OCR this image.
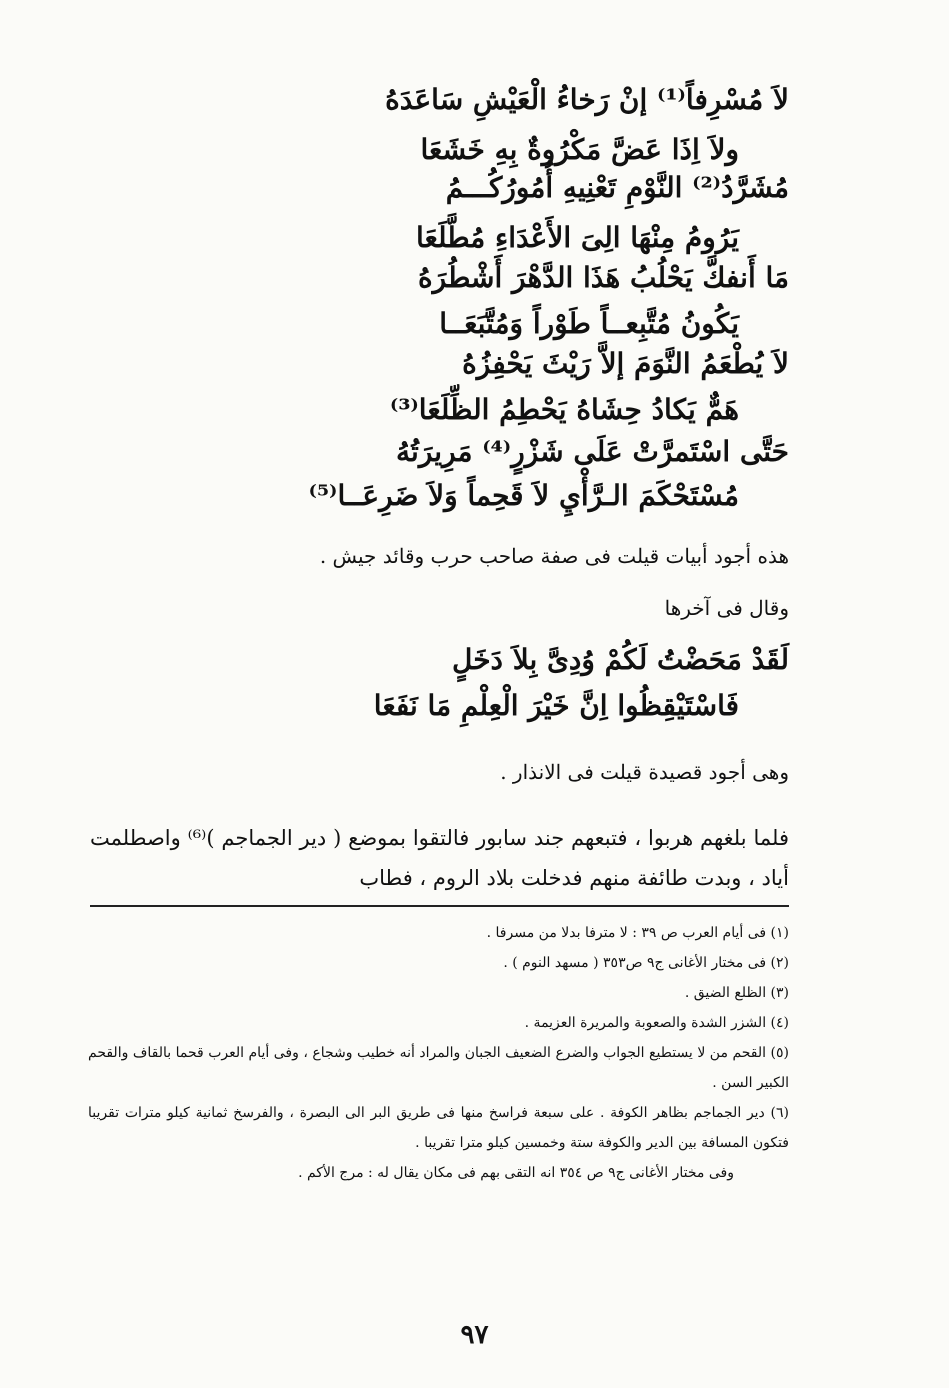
لاَ مُسْرِفاً⁽¹⁾ إنْ رَخاءُ الْعَيْشِ سَاعَدَهُ
ولاَ اِذَا عَضَّ مَكْرُوةٌ بِهِ خَشَعَا
مُشَرَّدُ⁽²⁾ النَّوْمِ تَعْنِيهِ أُمُورُكُـــمُ
يَرُومُ مِنْهَا الِىَ الأَعْدَاءِ مُطَّلَعَا
مَا أَنفكَّ يَحْلُبُ هَذَا الدَّهْرَ أَشْطُرَهُ
يَكُونُ مُتَّبِعــاً طَوْراً وَمُتَّبَعَــا
لاَ يُطْعَمُ النَّوَمَ إلاَّ رَيْثَ يَحْفِزُهُ
هَمٌّ يَكادُ حِشَاهُ يَحْطِمُ الظِّلَعَا⁽³⁾
حَتَّى اسْتَمرَّتْ عَلَى شَزْرٍ⁽⁴⁾ مَرِيرَتُهُ
مُسْتَحْكَمَ الـرَّأْيِ لاَ قَحِماً وَلاَ ضَرِعَــا⁽⁵⁾
هذه أجود أبيات قيلت فى صفة صاحب حرب وقائد جيش .
وقال فى آخرها
لَقَدْ مَحَضْتُ لَكُمْ وُدِىَّ بِلاَ دَخَلٍ
فَاسْتَيْقِظُوا اِنَّ خَيْرَ الْعِلْمِ مَا نَفَعَا
وهى أجود قصيدة قيلت فى الانذار .
فلما بلغهم هربوا ، فتبعهم جند سابور فالتقوا بموضع ( دير الجماجم )⁽⁶⁾ واصطلمت أياد ، وبدت طائفة منهم فدخلت بلاد الروم ، فطاب
(١) فى أيام العرب ص ٣٩ : لا مترفا بدلا من مسرفا .
(٢) فى مختار الأغانى ج٩ ص٣٥٣ ( مسهد النوم ) .
(٣) الظلع الضيق .
(٤) الشزر الشدة والصعوبة والمريرة العزيمة .
(٥) القحم من لا يستطيع الجواب والضرع الضعيف الجبان والمراد أنه خطيب وشجاع ، وفى أيام العرب قحما بالقاف والقحم الكبير السن .
(٦) دير الجماجم بظاهر الكوفة . على سبعة فراسخ منها فى طريق البر الى البصرة ، والفرسخ ثمانية كيلو مترات تقريبا فتكون المسافة بين الدير والكوفة ستة وخمسين كيلو مترا تقريبا .
وفى مختار الأغانى ج٩ ص ٣٥٤ انه التقى بهم فى مكان يقال له : مرج الأكم .
٩٧
